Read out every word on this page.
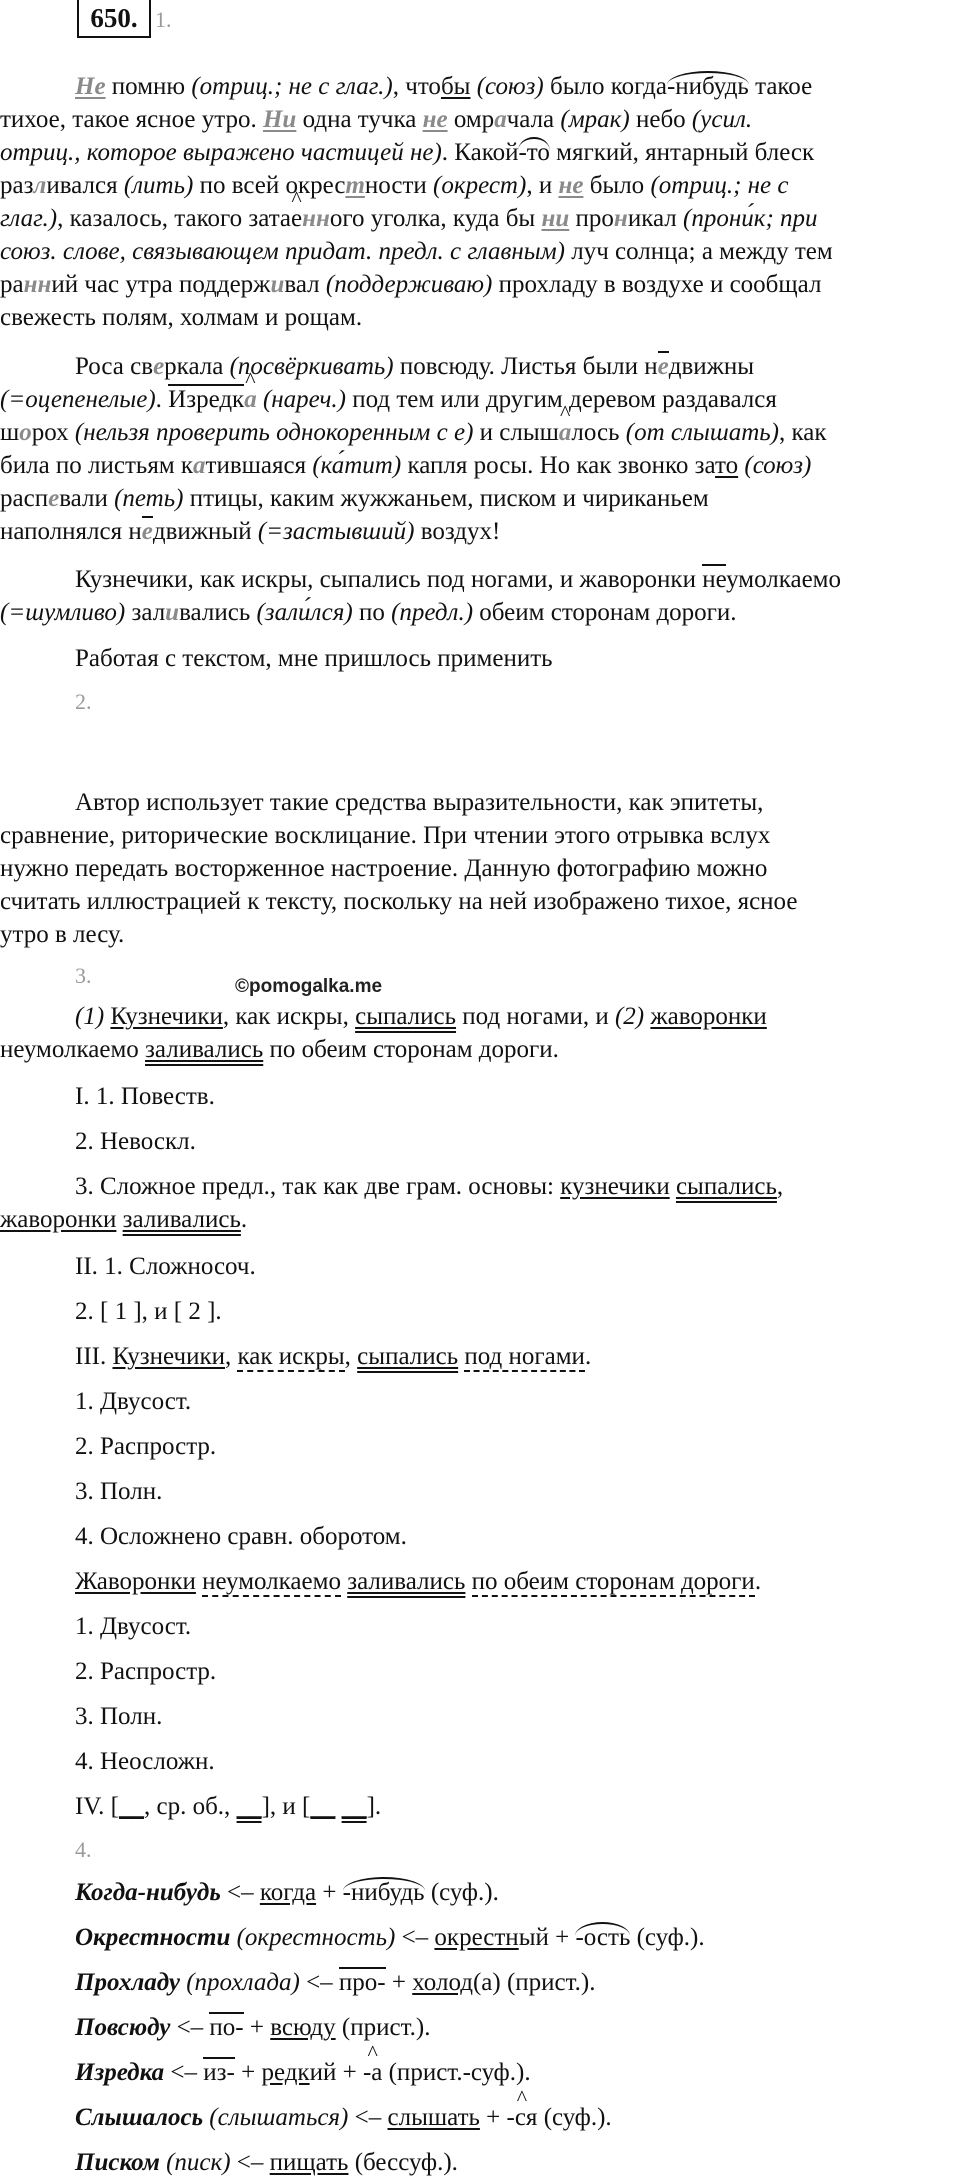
650. 1.
Не помню (отриц.; не с глаг.), чтобы (союз) было когда-нибудь такое
тихое, такое ясное утро. Ни одна тучка не омрачала (мрак) небо (усил.
отриц., которое выражено частицей не). Какой-то мягкий, янтарный блеск
разливался (лить) по всей окрестности (окрест), и не было (отриц.; не с
глаг.), казалось, такого зата^ енного уголка, куда бы ни проникал (прони́к; при
союз. слове, связывающем придат. предл. с главным) луч солнца; а между тем
ранний час утра поддерживал (поддерживаю) прохладу в воздухе и сообщал
свежесть полям, холмам и рощам.
Роса сверкала (посвёркивать) повсюду. Листья были недвижны
(=оцепенелые). Изредк^ а (нареч.) под тем или другим деревом раздавался
шорох (нельзя проверить однокоренным с е) и слыш^ алось (от слышать), как
била по листьям катившаяся (ка́тит) капля росы. Но как звонко зато (союз)
распевали (петь) птицы, каким жужжаньем, писком и чириканьем
наполнялся недвижный (=застывший) воздух!
Кузнечики, как искры, сыпались под ногами, и жаворонки неумолкаемо
(=шумливо) заливались (зали́лся) по (предл.) обеим сторонам дороги.
Работая с текстом, мне пришлось применить
2.
Автор использует такие средства выразительности, как эпитеты,
сравнение, риторические восклицание. При чтении этого отрывка вслух
нужно передать восторженное настроение. Данную фотографию можно
считать иллюстрацией к тексту, поскольку на ней изображено тихое, ясное
утро в лесу.
3.	©pomogalka.me
(1) Кузнечики, как искры, сыпались под ногами, и (2) жаворонки
неумолкаемо заливались по обеим сторонам дороги.
I. 1. Повеств.
2. Невоскл.
3. Сложное предл., так как две грам. основы: кузнечики сыпались,
жаворонки заливались.
II. 1. Сложносоч.
2. [ 1 ], и [ 2 ].
III. Кузнечики, как искры, сыпались под ногами.
1. Двусост.
2. Распростр.
3. Полн.
4. Осложнено сравн. оборотом.
Жаворонки неумолкаемо заливались по обеим сторонам дороги.
1. Двусост.
2. Распростр.
3. Полн.
4. Неосложн.
IV. [__, ср. об., __], и [__ __].
4.
Когда-нибудь <– когда + -нибудь (суф.).
Окрестности (окрестность) <– окрестный + -ость (суф.).
Прохладу (прохлада) <– про- + холод(а) (прист.).
Повсюду <– по- + всюду (прист.).
Изредка <– из- + редкий + ^ -а (прист.-суф.).
Слышалось (слышаться) <– слышать + ^ -ся (суф.).
Писком (писк) <– пищать (бессуф.).
